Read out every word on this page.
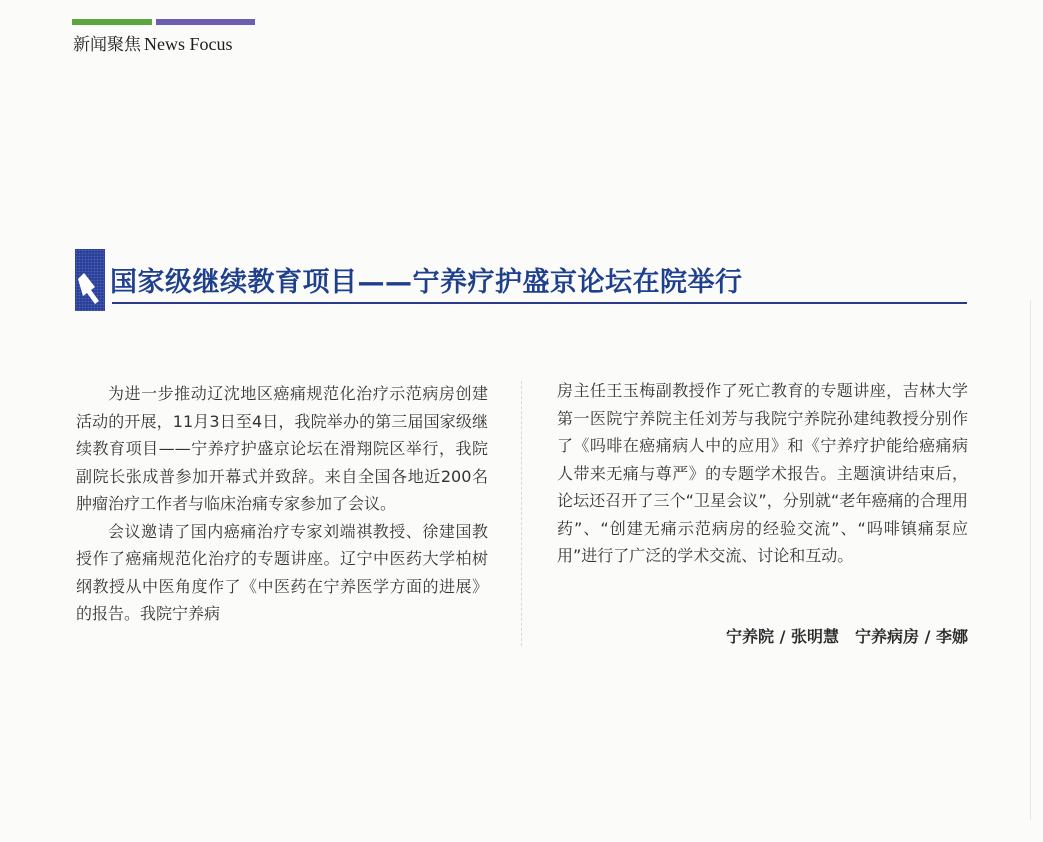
新闻聚焦 News Focus
国家级继续教育项目——宁养疗护盛京论坛在院举行

为进一步推动辽沈地区癌痛规范化治疗示范病房创建活动的开展，11月3日至4日，我院举办的第三届国家级继续教育项目——宁养疗护盛京论坛在滑翔院区举行，我院副院长张成普参加开幕式并致辞。来自全国各地近200名肿瘤治疗工作者与临床治痛专家参加了会议。

会议邀请了国内癌痛治疗专家刘端祺教授、徐建国教授作了癌痛规范化治疗的专题讲座。辽宁中医药大学柏树纲教授从中医角度作了《中医药在宁养医学方面的进展》的报告。我院宁养病

房主任王玉梅副教授作了死亡教育的专题讲座，吉林大学第一医院宁养院主任刘芳与我院宁养院孙建纯教授分别作了《吗啡在癌痛病人中的应用》和《宁养疗护能给癌痛病人带来无痛与尊严》的专题学术报告。主题演讲结束后，论坛还召开了三个“卫星会议”，分别就“老年癌痛的合理用药”、“创建无痛示范病房的经验交流”、“吗啡镇痛泵应用”进行了广泛的学术交流、讨论和互动。

宁养院 / 张明慧　宁养病房 / 李娜
